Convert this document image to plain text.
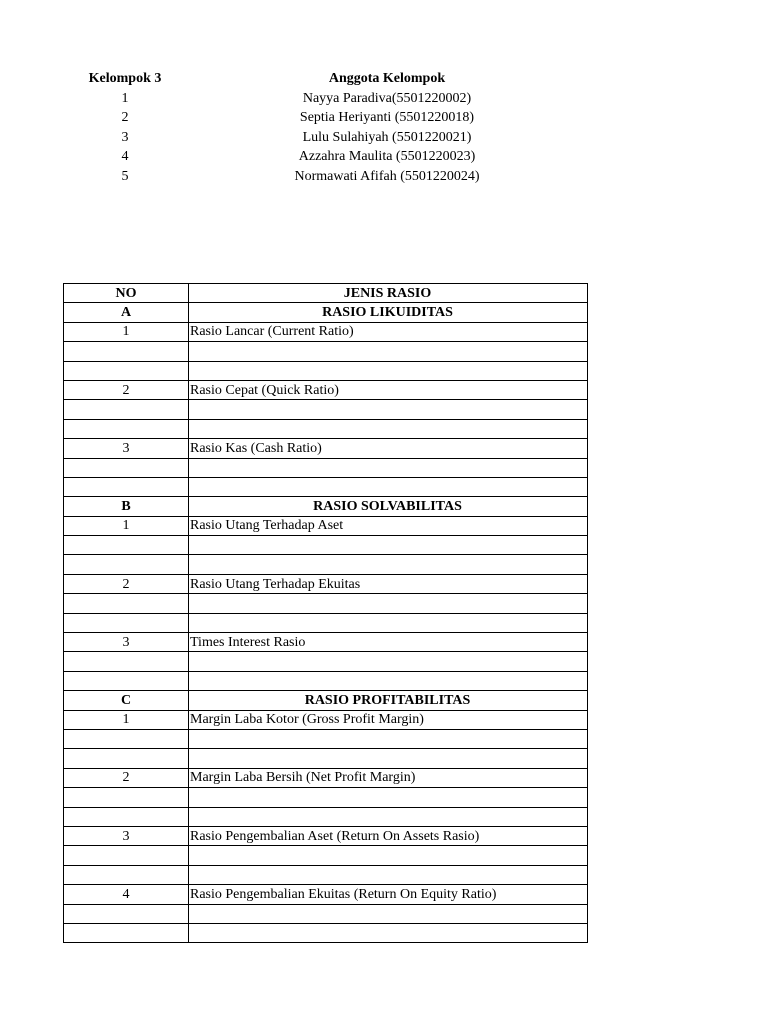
Kelompok 3	Anggota Kelompok
1	Nayya Paradiva(5501220002)
2	Septia Heriyanti (5501220018)
3	Lulu Sulahiyah (5501220021)
4	Azzahra Maulita (5501220023)
5	Normawati Afifah (5501220024)
NO	JENIS RASIO
A	RASIO LIKUIDITAS
1	Rasio Lancar (Current Ratio)

2	Rasio Cepat (Quick Ratio)

3	Rasio Kas (Cash Ratio)

B	RASIO SOLVABILITAS
1	Rasio Utang Terhadap Aset

2	Rasio Utang Terhadap Ekuitas

3	Times Interest Rasio

C	RASIO PROFITABILITAS
1	Margin Laba Kotor (Gross Profit Margin)

2	Margin Laba Bersih (Net Profit Margin)

3	Rasio Pengembalian Aset (Return On Assets Rasio)

4	Rasio Pengembalian Ekuitas (Return On Equity Ratio)
